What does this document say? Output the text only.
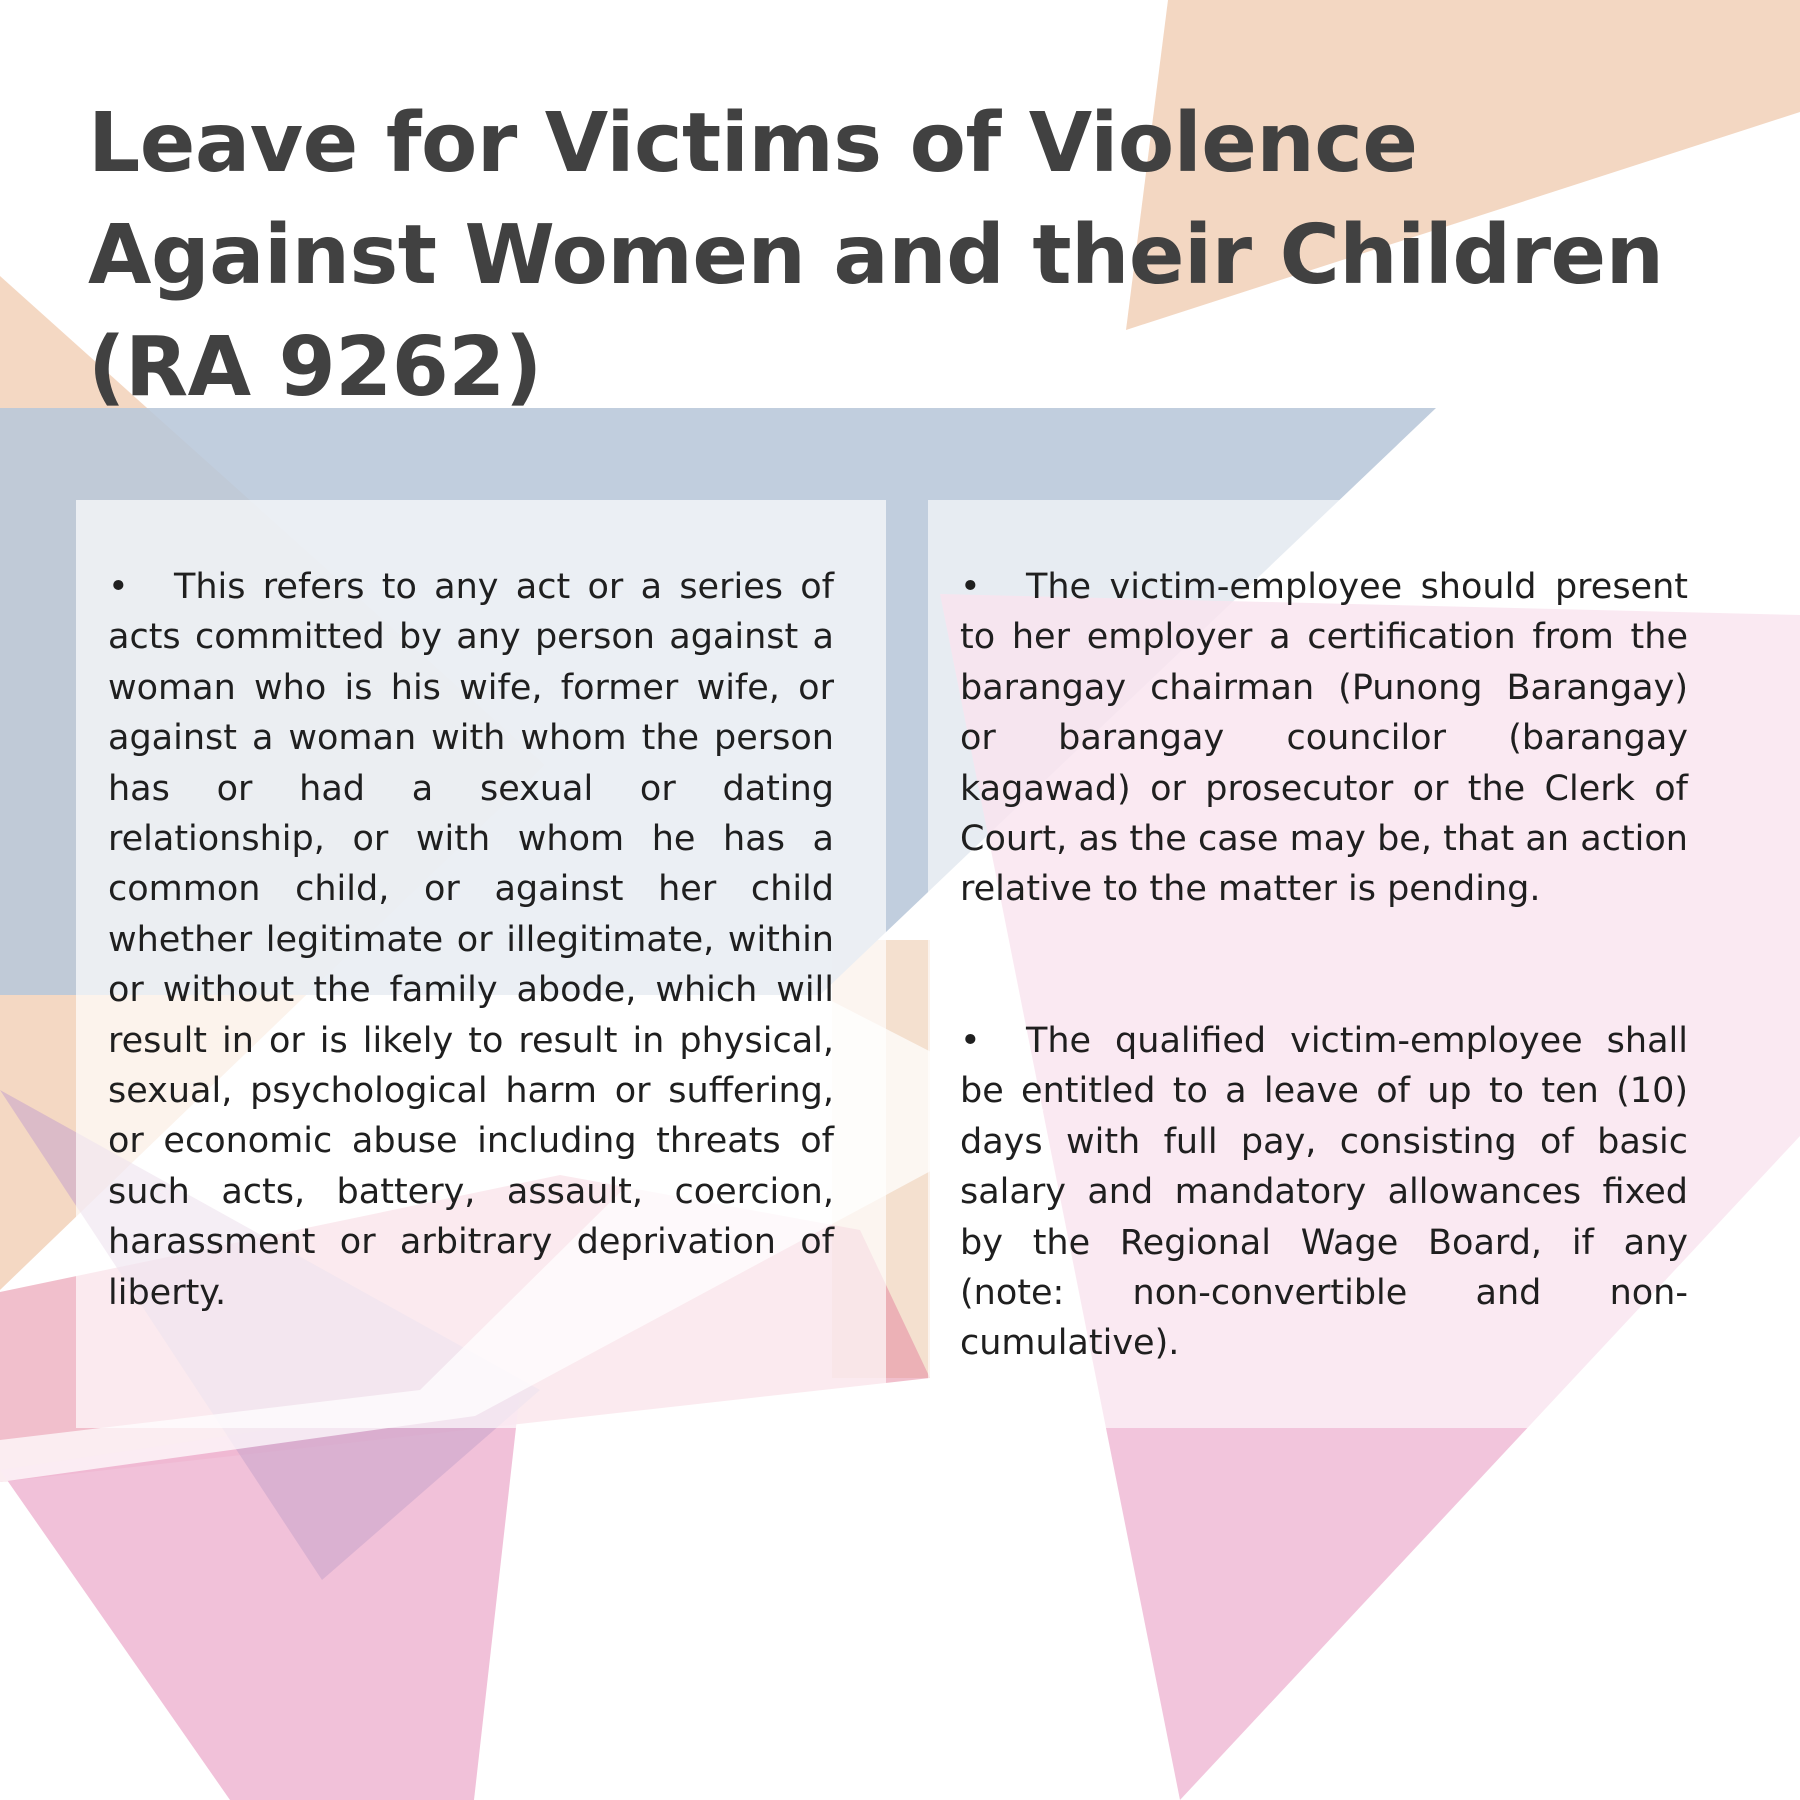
Leave for Victims of Violence
Against Women and their Children
(RA 9262)

• This refers to any act or a series of acts committed by any person against a woman who is his wife, former wife, or against a woman with whom the person has or had a sexual or dating relationship, or with whom he has a common child, or against her child whether legitimate or illegitimate, within or without the family abode, which will result in or is likely to result in physical, sexual, psychological harm or suffering, or economic abuse including threats of such acts, battery, assault, coercion, harassment or arbitrary deprivation of liberty.

• The victim-employee should present to her employer a certification from the barangay chairman (Punong Barangay) or barangay councilor (barangay kagawad) or prosecutor or the Clerk of Court, as the case may be, that an action relative to the matter is pending.

• The qualified victim-employee shall be entitled to a leave of up to ten (10) days with full pay, consisting of basic salary and mandatory allowances fixed by the Regional Wage Board, if any (note: non-convertible and non-cumulative).
